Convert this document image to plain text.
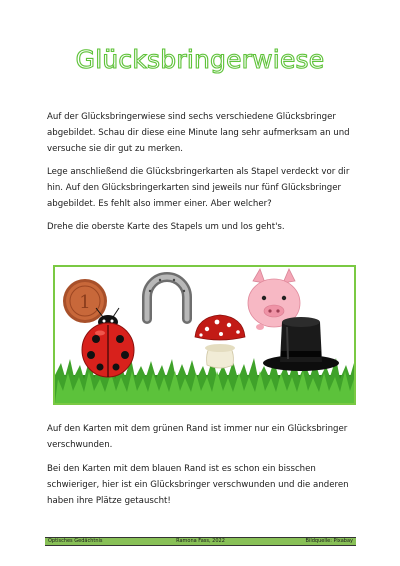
Glücksbringerwiese

Auf der Glücksbringerwiese sind sechs verschiedene Glücksbringer abgebildet. Schau dir diese eine Minute lang sehr aufmerksam an und versuche sie dir gut zu merken.

Lege anschließend die Glücksbringerkarten als Stapel verdeckt vor dir hin. Auf den Glücksbringerkarten sind jeweils nur fünf Glücksbringer abgebildet. Es fehlt also immer einer. Aber welcher?

Drehe die oberste Karte des Stapels um und los geht's.

1

Auf den Karten mit dem grünen Rand ist immer nur ein Glücksbringer verschwunden.

Bei den Karten mit dem blauen Rand ist es schon ein bisschen schwieriger, hier ist ein Glücksbringer verschwunden und die anderen haben ihre Plätze getauscht!

Optisches Gedächtnis	Ramona Fass, 2022	Bildquelle: Pixabay
